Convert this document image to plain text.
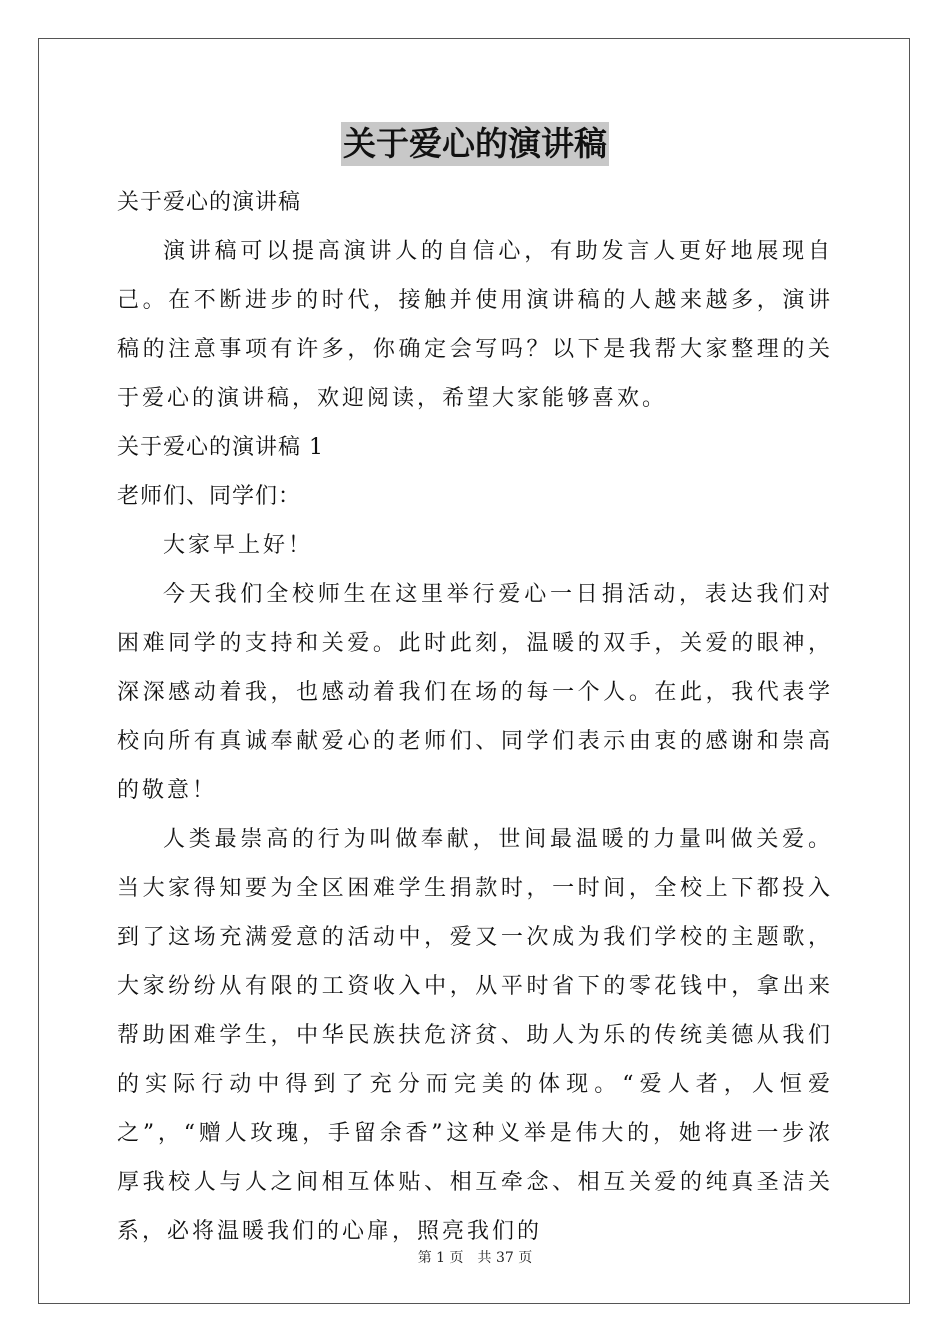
关于爱心的演讲稿
关于爱心的演讲稿
演讲稿可以提高演讲人的自信心，有助发言人更好地展现自己。在不断进步的时代，接触并使用演讲稿的人越来越多，演讲稿的注意事项有许多，你确定会写吗？以下是我帮大家整理的关于爱心的演讲稿，欢迎阅读，希望大家能够喜欢。
关于爱心的演讲稿 1
老师们、同学们：
大家早上好！
今天我们全校师生在这里举行爱心一日捐活动，表达我们对困难同学的支持和关爱。此时此刻，温暖的双手，关爱的眼神，深深感动着我，也感动着我们在场的每一个人。在此，我代表学校向所有真诚奉献爱心的老师们、同学们表示由衷的感谢和崇高的敬意！
人类最崇高的行为叫做奉献，世间最温暖的力量叫做关爱。当大家得知要为全区困难学生捐款时，一时间，全校上下都投入到了这场充满爱意的活动中，爱又一次成为我们学校的主题歌，大家纷纷从有限的工资收入中，从平时省下的零花钱中，拿出来帮助困难学生，中华民族扶危济贫、助人为乐的传统美德从我们的实际行动中得到了充分而完美的体现。“爱人者，人恒爱之”，“赠人玫瑰，手留余香”这种义举是伟大的，她将进一步浓厚我校人与人之间相互体贴、相互牵念、相互关爱的纯真圣洁关系，必将温暖我们的心扉，照亮我们的
第 1 页　共 37 页
